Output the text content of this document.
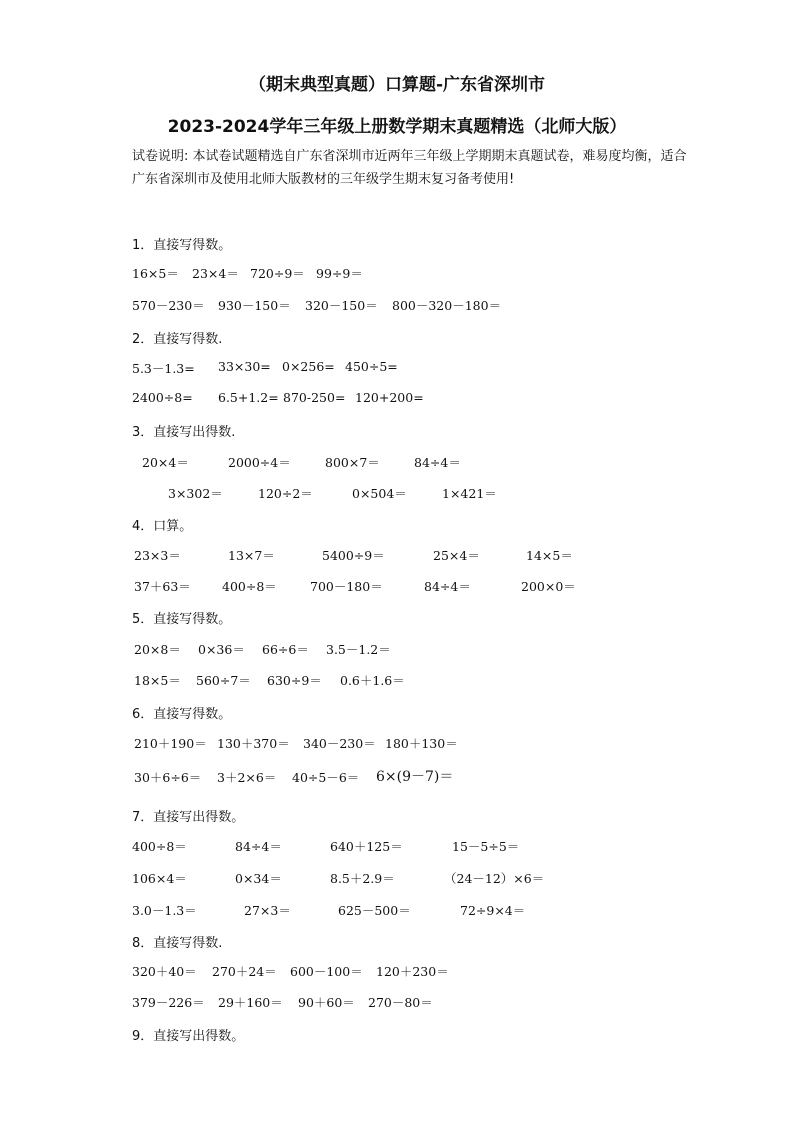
（期末典型真题）口算题-广东省深圳市
2023-2024学年三年级上册数学期末真题精选（北师大版）
试卷说明: 本试卷试题精选自广东省深圳市近两年三年级上学期期末真题试卷，难易度均衡，适合广东省深圳市及使用北师大版教材的三年级学生期末复习备考使用!
1．直接写得数。
16×5＝ 23×4＝ 720÷9＝ 99÷9＝
570－230＝ 930－150＝ 320－150＝ 800－320－180＝
2．直接写得数.
5.3－1.3= 33×30= 0×256= 450÷5=
2400÷8= 6.5+1.2= 870-250= 120+200=
3．直接写出得数.
20×4＝	2000÷4＝	800×7＝	84÷4＝
3×302＝	120÷2＝	0×504＝	1×421＝
4．口算。
23×3＝	13×7＝	5400÷9＝	25×4＝	14×5＝
37＋63＝ 400÷8＝	700－180＝	84÷4＝	200×0＝
5．直接写得数。
20×8＝ 0×36＝ 66÷6＝ 3.5－1.2＝
18×5＝ 560÷7＝ 630÷9＝ 0.6＋1.6＝
6．直接写得数。
210＋190＝ 130＋370＝ 340－230＝ 180＋130＝
30＋6÷6＝ 3＋2×6＝ 40÷5－6＝ 6×(9－7)＝
7．直接写出得数。
400÷8＝	84÷4＝	640＋125＝	15－5÷5＝
106×4＝	0×34＝	8.5＋2.9＝	（24－12）×6＝
3.0－1.3＝	27×3＝	625－500＝	72÷9×4＝
8．直接写得数.
320＋40＝ 270＋24＝ 600－100＝ 120＋230＝
379－226＝ 29＋160＝ 90＋60＝ 270－80＝
9．直接写出得数。
